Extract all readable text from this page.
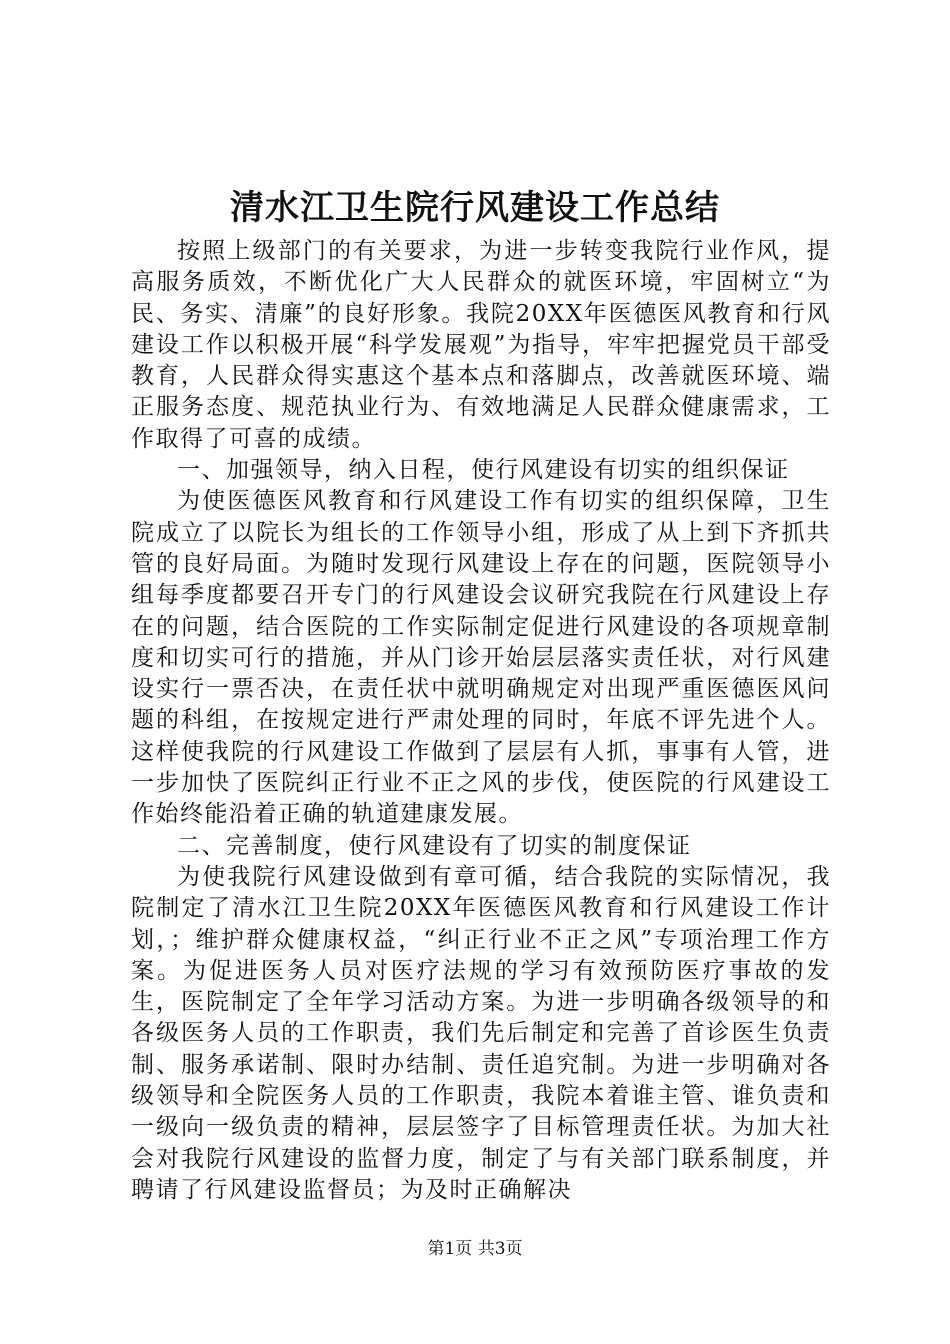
清水江卫生院行风建设工作总结

按照上级部门的有关要求，为进一步转变我院行业作风，提高服务质效，不断优化广大人民群众的就医环境，牢固树立“为民、务实、清廉”的良好形象。我院20XX年医德医风教育和行风建设工作以积极开展“科学发展观”为指导，牢牢把握党员干部受教育，人民群众得实惠这个基本点和落脚点，改善就医环境、端正服务态度、规范执业行为、有效地满足人民群众健康需求，工作取得了可喜的成绩。

一、加强领导，纳入日程，使行风建设有切实的组织保证

为使医德医风教育和行风建设工作有切实的组织保障，卫生院成立了以院长为组长的工作领导小组，形成了从上到下齐抓共管的良好局面。为随时发现行风建设上存在的问题，医院领导小组每季度都要召开专门的行风建设会议研究我院在行风建设上存在的问题，结合医院的工作实际制定促进行风建设的各项规章制度和切实可行的措施，并从门诊开始层层落实责任状，对行风建设实行一票否决，在责任状中就明确规定对出现严重医德医风问题的科组，在按规定进行严肃处理的同时，年底不评先进个人。这样使我院的行风建设工作做到了层层有人抓，事事有人管，进一步加快了医院纠正行业不正之风的步伐，使医院的行风建设工作始终能沿着正确的轨道建康发展。

二、完善制度，使行风建设有了切实的制度保证

为使我院行风建设做到有章可循，结合我院的实际情况，我院制定了清水江卫生院20XX年医德医风教育和行风建设工作计划，；维护群众健康权益，“纠正行业不正之风”专项治理工作方案。为促进医务人员对医疗法规的学习有效预防医疗事故的发生，医院制定了全年学习活动方案。为进一步明确各级领导的和各级医务人员的工作职责，我们先后制定和完善了首诊医生负责制、服务承诺制、限时办结制、责任追究制。为进一步明确对各级领导和全院医务人员的工作职责，我院本着谁主管、谁负责和一级向一级负责的精神，层层签字了目标管理责任状。为加大社会对我院行风建设的监督力度，制定了与有关部门联系制度，并聘请了行风建设监督员；为及时正确解决

第1页 共3页
